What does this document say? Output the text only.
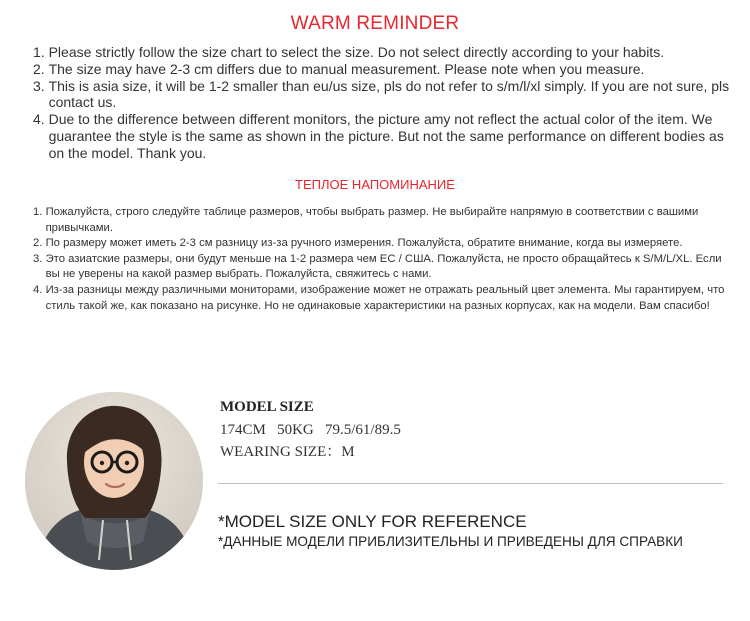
WARM REMINDER
1. Please strictly follow the size chart to select the size. Do not select directly according to your habits.
2. The size may have 2-3 cm differs due to manual measurement. Please note when you measure.
3. This is asia size, it will be 1-2 smaller than eu/us size, pls do not refer to s/m/l/xl simply. If you are not sure, pls contact us.
4. Due to the difference between different monitors, the picture amy not reflect the actual color of the item. We guarantee the style is the same as shown in the picture. But not the same performance on different bodies as on the model. Thank you.
ТЕПЛОЕ НАПОМИНАНИЕ
1. Пожалуйста, строго следуйте таблице размеров, чтобы выбрать размер. Не выбирайте напрямую в соответствии с вашими привычками.
2. По размеру может иметь 2-3 см разницу из-за ручного измерения. Пожалуйста, обратите внимание, когда вы измеряете.
3. Это азиатские размеры, они будут меньше на 1-2 размера чем ЕС / США. Пожалуйста, не просто обращайтесь к S/M/L/XL. Если вы не уверены на какой размер выбрать. Пожалуйста, свяжитесь с нами.
4. Из-за разницы между различными мониторами, изображение может не отражать реальный цвет элемента. Мы гарантируем, что стиль такой же, как показано на рисунке. Но не одинаковые характеристики на разных корпусах, как на модели. Вам спасибо!
MODEL SIZE
174CM 50KG 79.5/61/89.5
WEARING SIZE：M
*MODEL SIZE ONLY FOR REFERENCE
*ДАННЫЕ МОДЕЛИ ПРИБЛИЗИТЕЛЬНЫ И ПРИВЕДЕНЫ ДЛЯ СПРАВКИ
